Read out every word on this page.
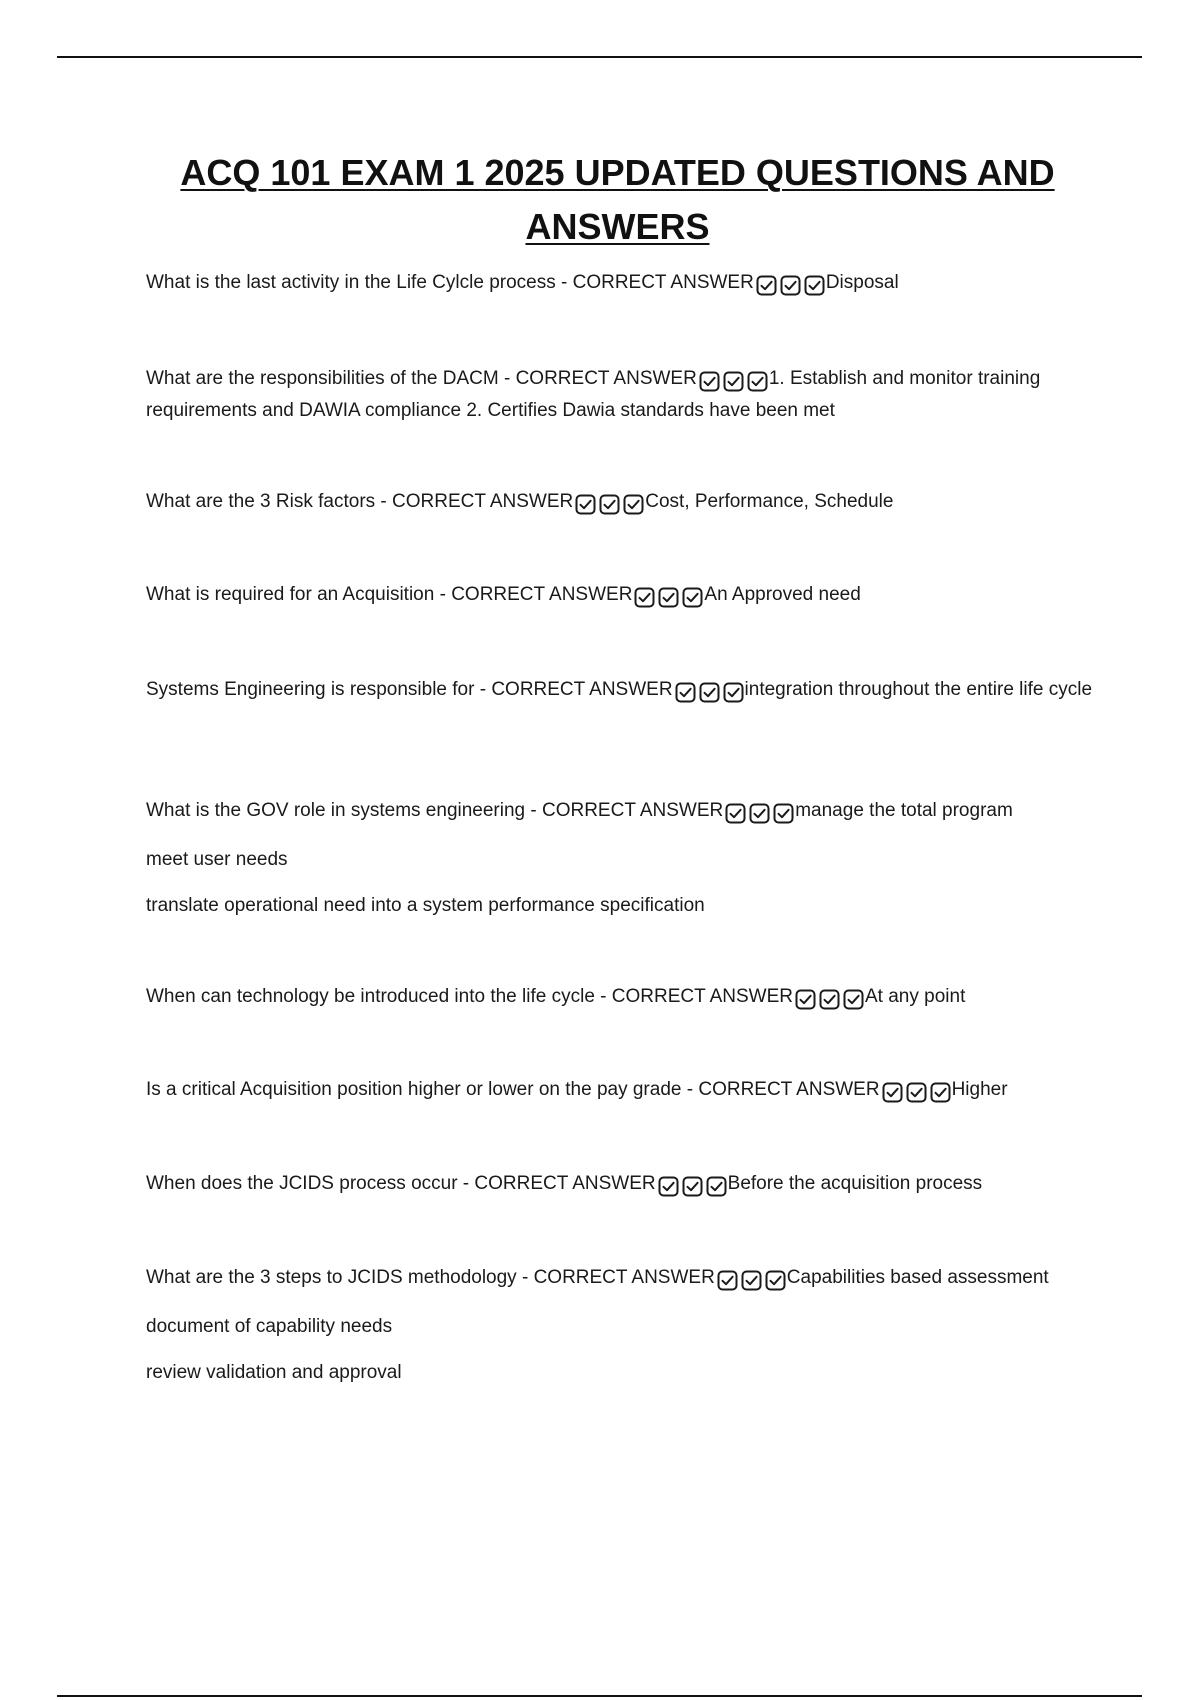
ACQ 101 EXAM 1 2025 UPDATED QUESTIONS AND ANSWERS
What is the last activity in the Life Cylcle process - CORRECT ANSWER	Disposal
What are the responsibilities of the DACM - CORRECT ANSWER	1. Establish and monitor training requirements and DAWIA compliance 2. Certifies Dawia standards have been met
What are the 3 Risk factors - CORRECT ANSWER	Cost, Performance, Schedule
What is required for an Acquisition - CORRECT ANSWER	An Approved need
Systems Engineering is responsible for - CORRECT ANSWER	integration throughout the entire life cycle
What is the GOV role in systems engineering - CORRECT ANSWER	manage the total program
meet user needs
translate operational need into a system performance specification
When can technology be introduced into the life cycle - CORRECT ANSWER	At any point
Is a critical Acquisition position higher or lower on the pay grade - CORRECT ANSWER	Higher
When does the JCIDS process occur - CORRECT ANSWER	Before the acquisition process
What are the 3 steps to JCIDS methodology - CORRECT ANSWER	Capabilities based assessment
document of capability needs
review validation and approval
